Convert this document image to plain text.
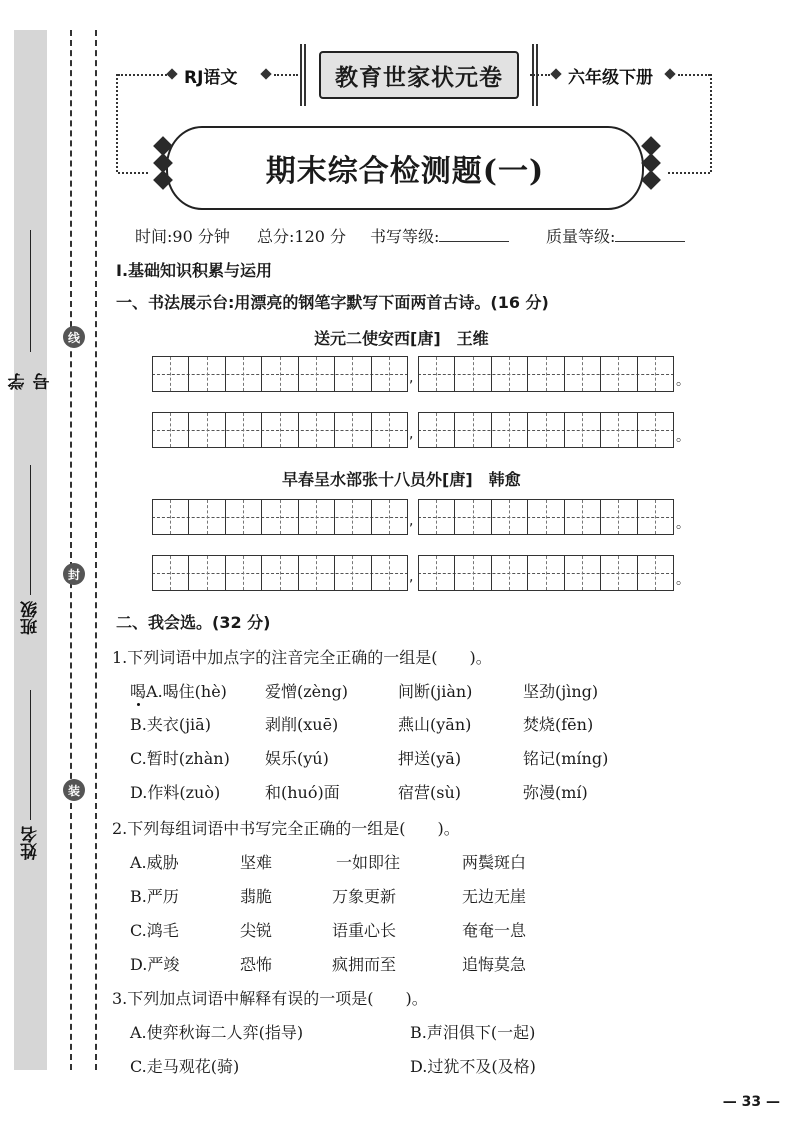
线
封
装
学号
班级
姓名
RJ语文	教育世家状元卷	六年级下册
期末综合检测题(一)
时间:90 分钟 总分:120 分 书写等级:	质量等级:
Ⅰ.基础知识积累与运用
一、书法展示台:用漂亮的钢笔字默写下面两首古诗。(16 分)
送元二使安西[唐]　王维
,	。
,	。
早春呈水部张十八员外[唐]　韩愈
,	。
,	。
二、我会选。(32 分)
1.下列词语中加点字的注音完全正确的一组是(　　)。
喝A.喝住(hè) 爱憎(zèng)	间断(jiàn)	坚劲(jìng)
B.夹衣(jiā)	剥削(xuē)	燕山(yān)	焚烧(fēn)
C.暂时(zhàn) 娱乐(yú)	押送(yā)	铭记(míng)
D.作料(zuò)	和(huó)面	宿营(sù)	弥漫(mí)
2.下列每组词语中书写完全正确的一组是(　　)。
A.威胁	坚难	一如即往	两鬓斑白
B.严历	翡脆	万象更新	无边无崖
C.鸿毛	尖锐	语重心长	奄奄一息
D.严竣	恐怖	疯拥而至	追悔莫急
3.下列加点词语中解释有误的一项是(　　)。
A.使弈秋诲二人弈(指导)	B.声泪俱下(一起)
C.走马观花(骑)	D.过犹不及(及格)
— 33 —
